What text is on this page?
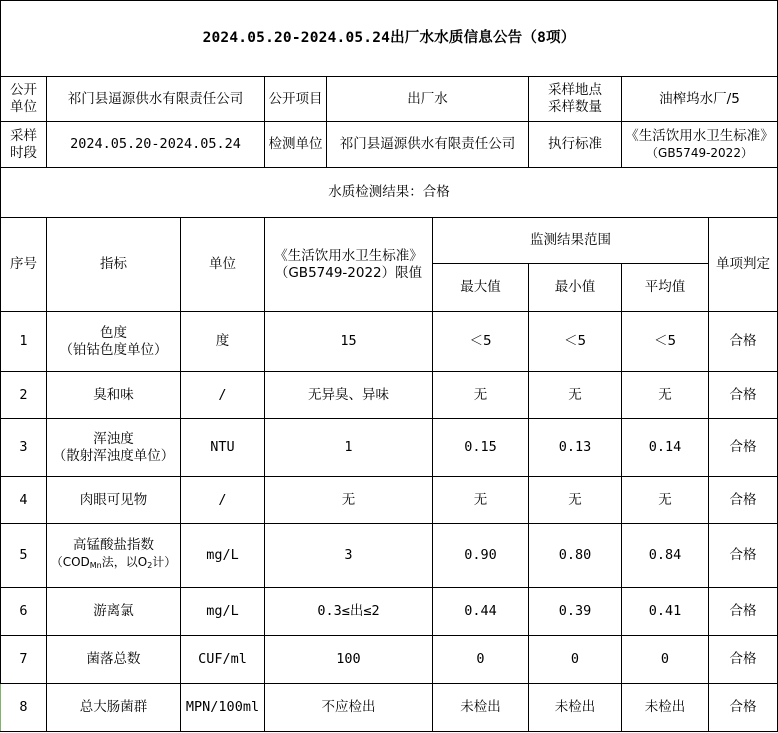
2024.05.20-2024.05.24出厂水水质信息公告（8项）								

公开
单位	祁门县逼源供水有限责任公司		公开项目	出厂水		采样地点
采样数量	油榨坞水厂/5	

采样
时段	2024.05.20-2024.05.24		检测单位	祁门县逼源供水有限责任公司		执行标准	《生活饮用水卫生标准》
（GB5749-2022）	

水质检测结果：合格								
序号	指标	单位	《生活饮用水卫生标准》
（GB5749-2022）限值		监测结果范围			单项判定
					最大值	最小值	平均值	
1	色度
（铂钴色度单位）	度	15		＜5	＜5	＜5	合格
2	臭和味	/	无异臭、异味		无	无	无	合格
3	浑浊度
（散射浑浊度单位）	NTU	1		0.15	0.13	0.14	合格
4	肉眼可见物	/	无		无	无	无	合格
5	高锰酸盐指数
（$COD_{Mn}$法，以$O_2$计）	mg/L	3		0.90	0.80	0.84	合格
6	游离氯	mg/L	0.3≤出≤2		0.44	0.39	0.41	合格
7	菌落总数	CUF/ml	100		0	0	0	合格
8	总大肠菌群	MPN/100ml	不应检出		未检出	未检出	未检出	合格
